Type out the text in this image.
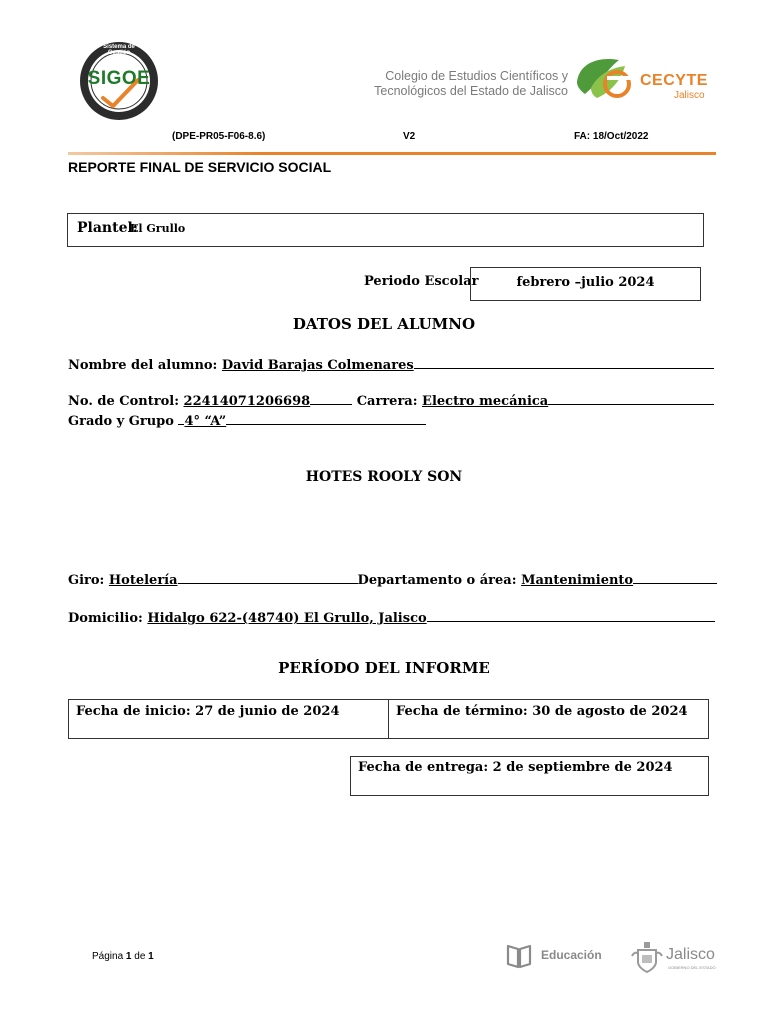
Sistema de Gestión
SIGOE	Colegio de Estudios Científicos y
Tecnológicos del Estado de Jalisco
CECYTE
Jalisco
(DPE-PR05-F06-8.6)	V2	FA: 18/Oct/2022
REPORTE FINAL DE SERVICIO SOCIAL
Plantel:
El Grullo
Periodo Escolar	febrero –julio 2024
DATOS DEL ALUMNO
Nombre del alumno: David Barajas Colmenares
No. de Control: 22414071206698	Carrera: Electro mecánica
Grado y Grupo 4° “A”
HOTES ROOLY SON
Giro: Hotelería	Departamento o área: Mantenimiento
Domicilio: Hidalgo 622-(48740) El Grullo, Jalisco
PERÍODO DEL INFORME
Fecha de inicio: 27 de junio de 2024	Fecha de término: 30 de agosto de 2024
Fecha de entrega: 2 de septiembre de 2024
Página 1 de 1	Educación	Jalisco
GOBIERNO DEL ESTADO
